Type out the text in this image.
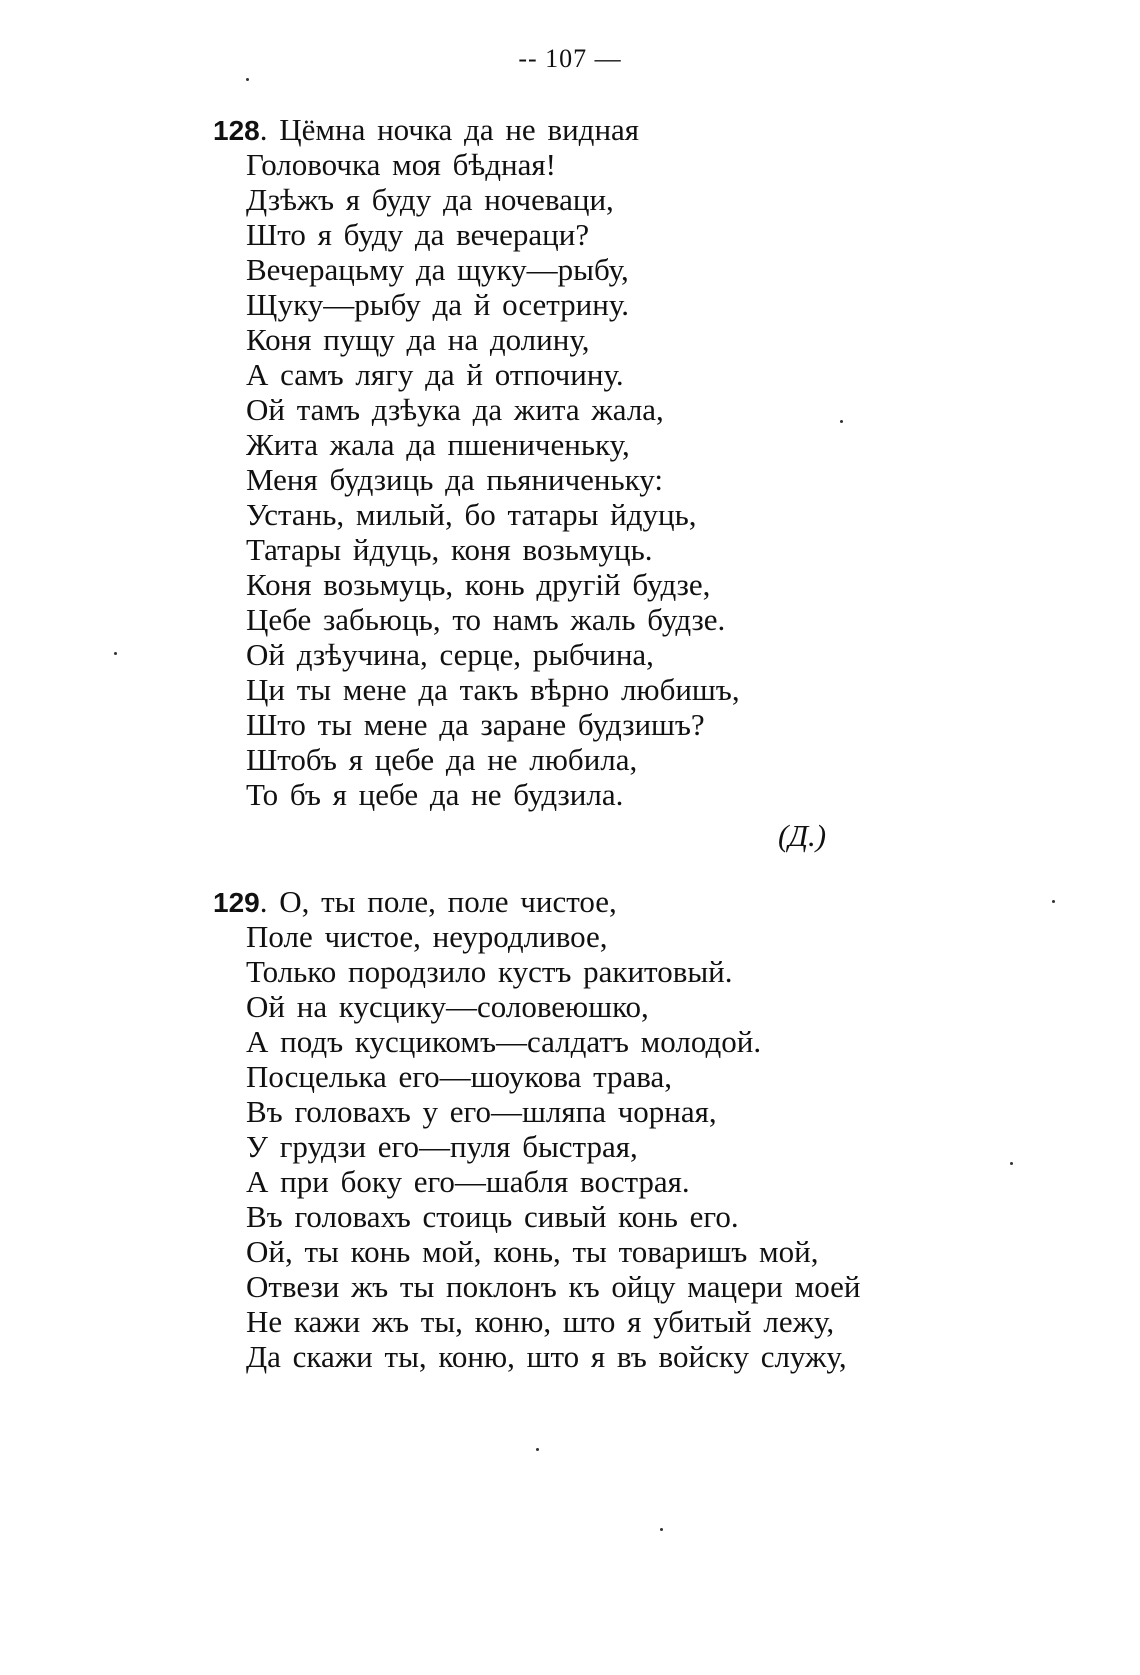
-- 107 —
128. Цёмна ночка да не видная
Головочка моя бѣдная!
Дзѣжъ я буду да ночеваци,
Што я буду да вечераци?
Вечерацьму да щуку—рыбу,
Щуку—рыбу да й осетрину.
Коня пущу да на долину,
А самъ лягу да й отпочину.
Ой тамъ дзѣука да жита жала,
Жита жала да пшениченьку,
Меня будзиць да пьяниченьку:
Устань, милый, бо татары йдуць,
Татары йдуць, коня возьмуць.
Коня возьмуць, конь другій будзе,
Цебе забьюць, то намъ жаль будзе.
Ой дзѣучина, серце, рыбчина,
Ци ты мене да такъ вѣрно любишъ,
Што ты мене да заране будзишъ?
Штобъ я цебе да не любила,
То бъ я цебе да не будзила.
(Д.)
129. О, ты поле, поле чистое,
Поле чистое, неуродливое,
Только породзило кустъ ракитовый.
Ой на кусцику—соловеюшко,
А подъ кусцикомъ—салдатъ молодой.
Посцелька его—шоукова трава,
Въ головахъ у его—шляпа чорная,
У грудзи его—пуля быстрая,
А при боку его—шабля вострая.
Въ головахъ стоиць сивый конь его.
Ой, ты конь мой, конь, ты товаришъ мой,
Отвези жъ ты поклонъ къ ойцу мацери моей
Не кажи жъ ты, коню, што я убитый лежу,
Да скажи ты, коню, што я въ войску служу,
